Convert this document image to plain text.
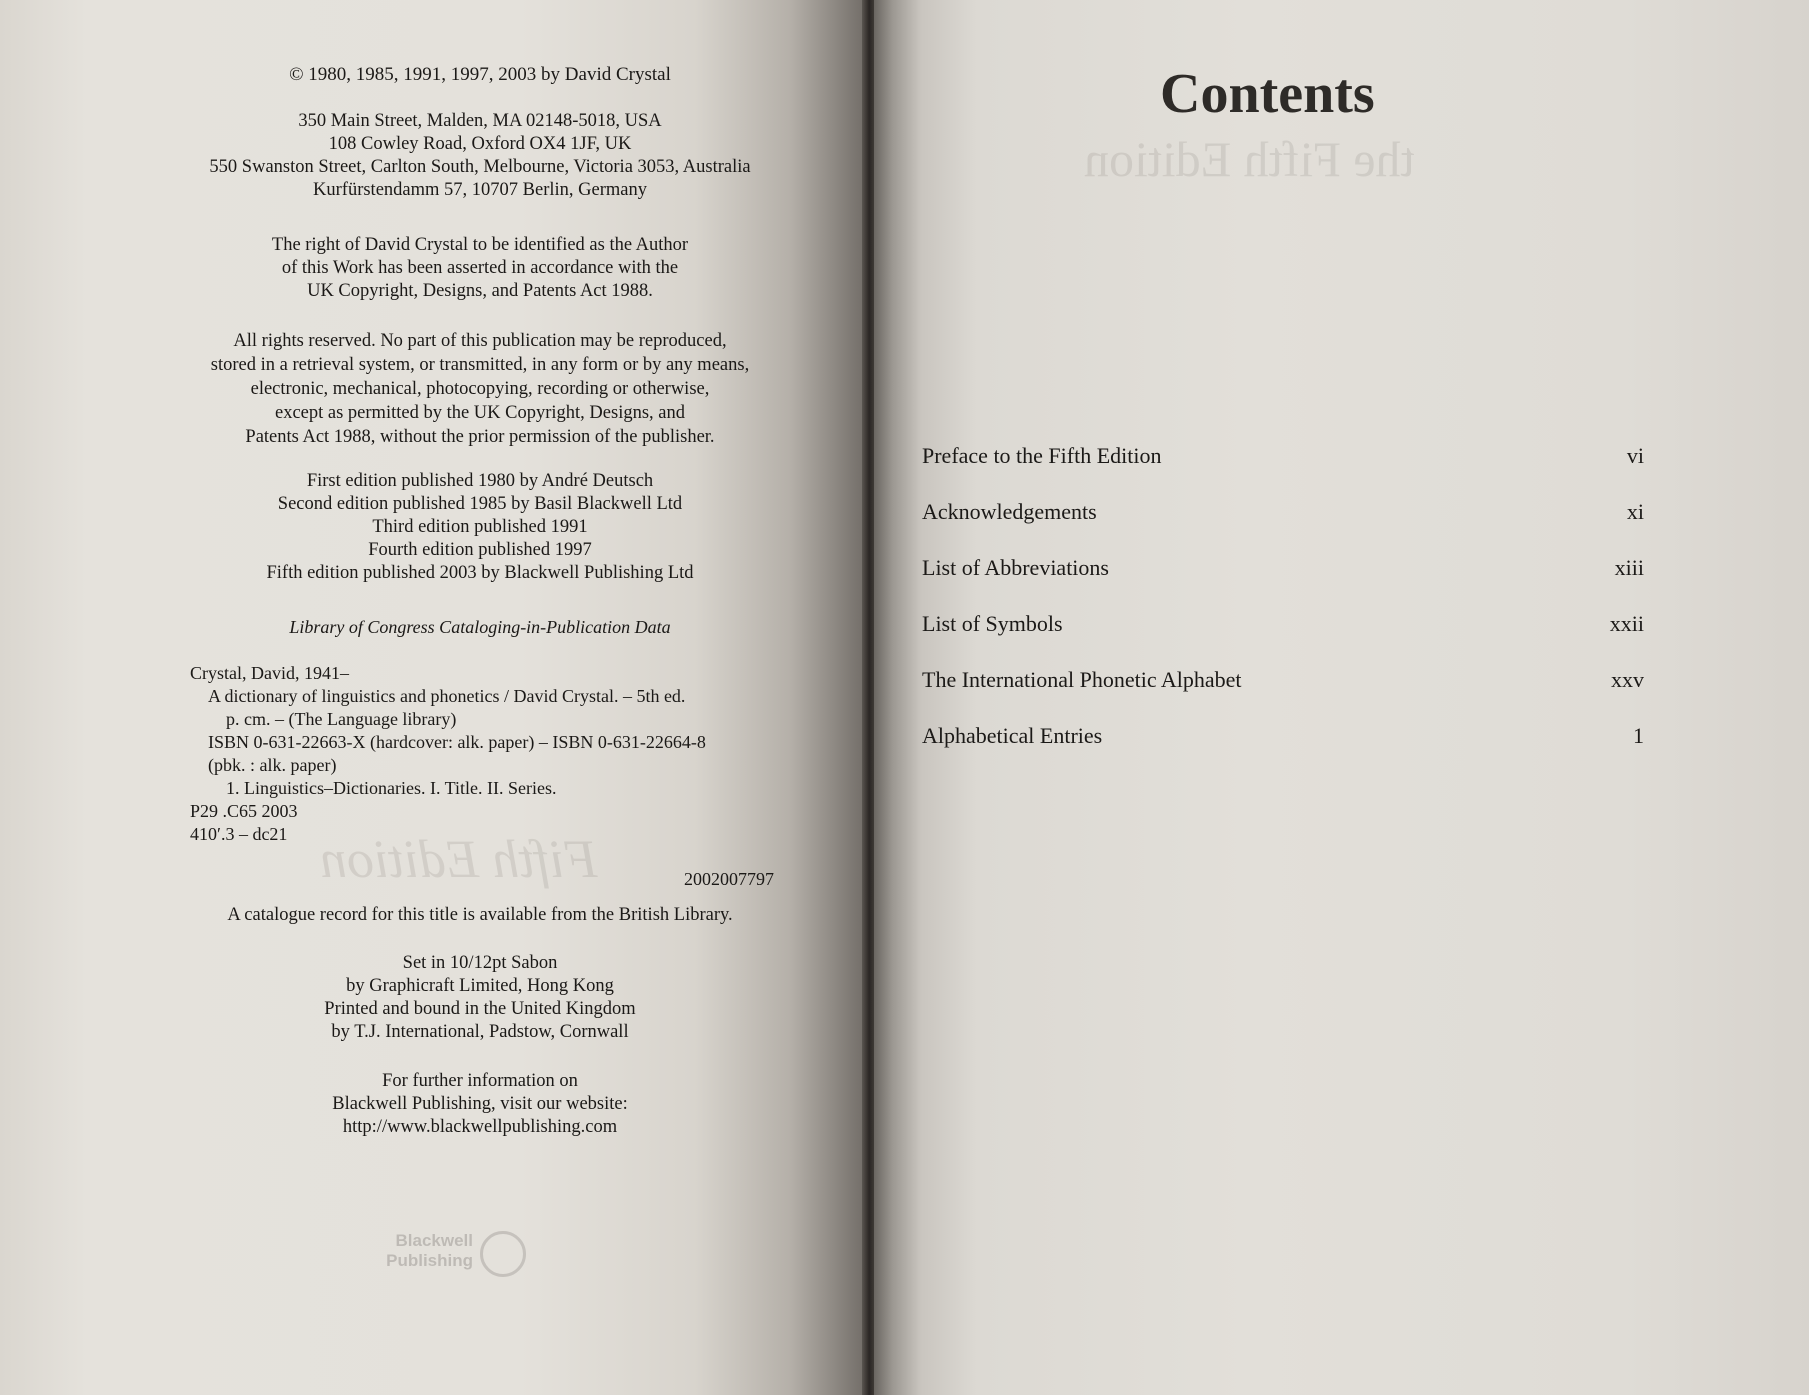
Fifth Edition
© 1980, 1985, 1991, 1997, 2003 by David Crystal
350 Main Street, Malden, MA 02148-5018, USA
108 Cowley Road, Oxford OX4 1JF, UK
550 Swanston Street, Carlton South, Melbourne, Victoria 3053, Australia
Kurfürstendamm 57, 10707 Berlin, Germany
The right of David Crystal to be identified as the Author
of this Work has been asserted in accordance with the
UK Copyright, Designs, and Patents Act 1988.
All rights reserved. No part of this publication may be reproduced,
stored in a retrieval system, or transmitted, in any form or by any means,
electronic, mechanical, photocopying, recording or otherwise,
except as permitted by the UK Copyright, Designs, and
Patents Act 1988, without the prior permission of the publisher.
First edition published 1980 by André Deutsch
Second edition published 1985 by Basil Blackwell Ltd
Third edition published 1991
Fourth edition published 1997
Fifth edition published 2003 by Blackwell Publishing Ltd
Library of Congress Cataloging-in-Publication Data
Crystal, David, 1941–
A dictionary of linguistics and phonetics / David Crystal. – 5th ed.
p. cm. – (The Language library)
ISBN 0-631-22663-X (hardcover: alk. paper) – ISBN 0-631-22664-8
(pbk. : alk. paper)
1. Linguistics–Dictionaries. I. Title. II. Series.
P29 .C65 2003
410′.3 – dc21
2002007797
A catalogue record for this title is available from the British Library.
Set in 10/12pt Sabon
by Graphicraft Limited, Hong Kong
Printed and bound in the United Kingdom
by T.J. International, Padstow, Cornwall
For further information on
Blackwell Publishing, visit our website:
http://www.blackwellpublishing.com
Blackwell
Publishing
the Fifth Edition
Contents
Preface to the Fifth Edition	vi
Acknowledgements	xi
List of Abbreviations	xiii
List of Symbols	xxii
The International Phonetic Alphabet	xxv
Alphabetical Entries	1
